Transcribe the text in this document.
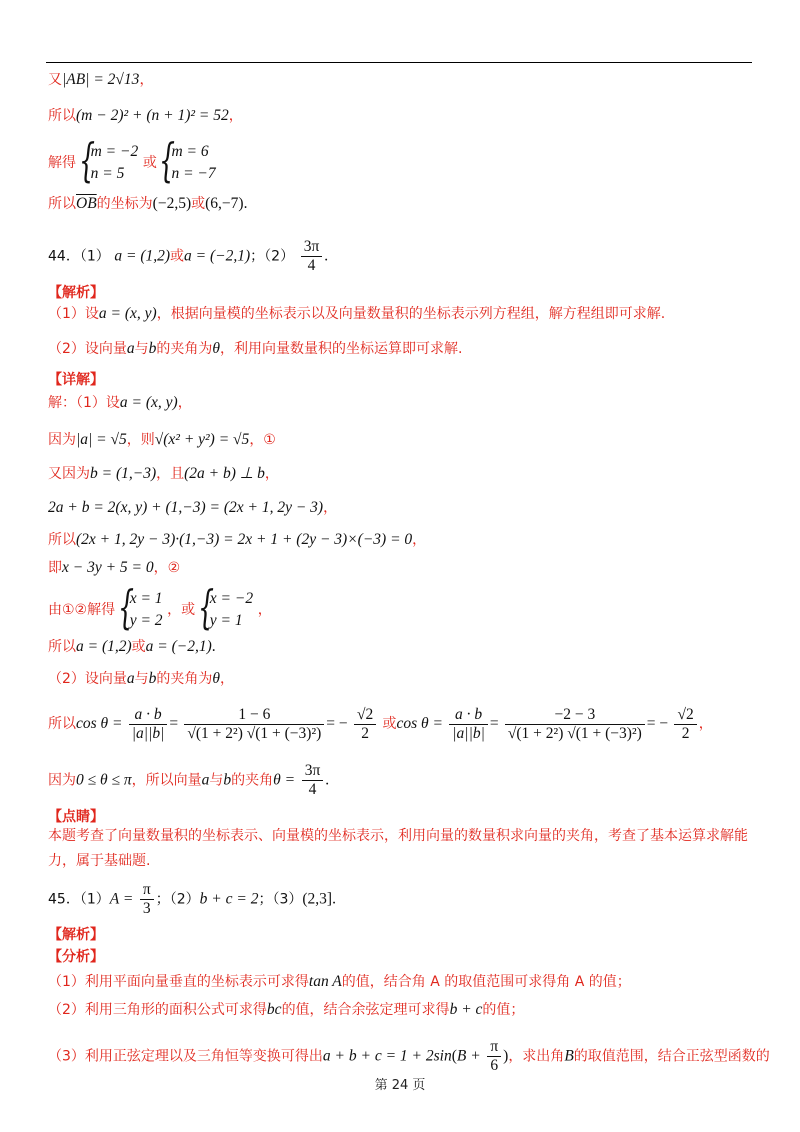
又|AB| = 2√13，
所以(m − 2)² + (n + 1)² = 52，
解得
{ m = −2
n = 5
或
{ m = 6
n = −7
所以$\overline{OB}$的坐标为(−2,5)或(6,−7).
44．（1） a = (1,2)或a = (−2,1)；$(2) \frac{3\pi}{4}$ .
【解析】
（1）设a = (x, y)，根据向量模的坐标表示以及向量数量积的坐标表示列方程组，解方程组即可求解.
（2）设向量a与b的夹角为θ，利用向量数量积的坐标运算即可求解.
【详解】
解：（1）设a = (x, y)，
因为|a| = √5，则√(x² + y²) = √5，①
又因为b = (1,−3)，且(2a + b) ⊥ b，
2a + b = 2(x, y) + (1,−3) = (2x + 1, 2y − 3)，
所以(2x + 1, 2y − 3)·(1,−3) = 2x + 1 + (2y − 3)×(−3) = 0，
即x − 3y + 5 = 0，②
由①②解得
{ x = 1
y = 2
，或
{ x = −2
y = 1
，
所以a = (1,2)或a = (−2,1).
（2）设向量a与b的夹角为θ，
所以$\cos \theta = \frac{a \cdot b}{|a||b|} = \frac{1 - 6}{\text{√(1 + 2²) √(1 + (−3)²)}}$ = − $\frac{√2}{2}$ 或$\cos \theta = \frac{a \cdot b}{|a||b|} = \frac{-2 - 3}{\text{√(1 + 2²) √(1 + (−3)²)}}$ = − $\frac{√2}{2}$ ，
因为0 ≤ θ ≤ π，所以向量a与b的夹角$\theta = \frac{3\pi}{4}$ .
【点睛】
本题考查了向量数量积的坐标表示、向量模的坐标表示，利用向量的数量积求向量的夹角，考查了基本运算求解能力，属于基础题.
45．$(1)A = \frac{\pi}{3}$ ；（2）b + c = 2；（3）(2,3].
【解析】
【分析】
（1）利用平面向量垂直的坐标表示可求得tan A的值，结合角 A 的取值范围可求得角 A 的值；
（2）利用三角形的面积公式可求得bc的值，结合余弦定理可求得b + c的值；
（3）利用正弦定理以及三角恒等变换可得出$a + b + c = 1 + 2\sin(B + \frac{\pi}{6}$ )，求出角B的取值范围，结合正弦型函数的
第 24 页
